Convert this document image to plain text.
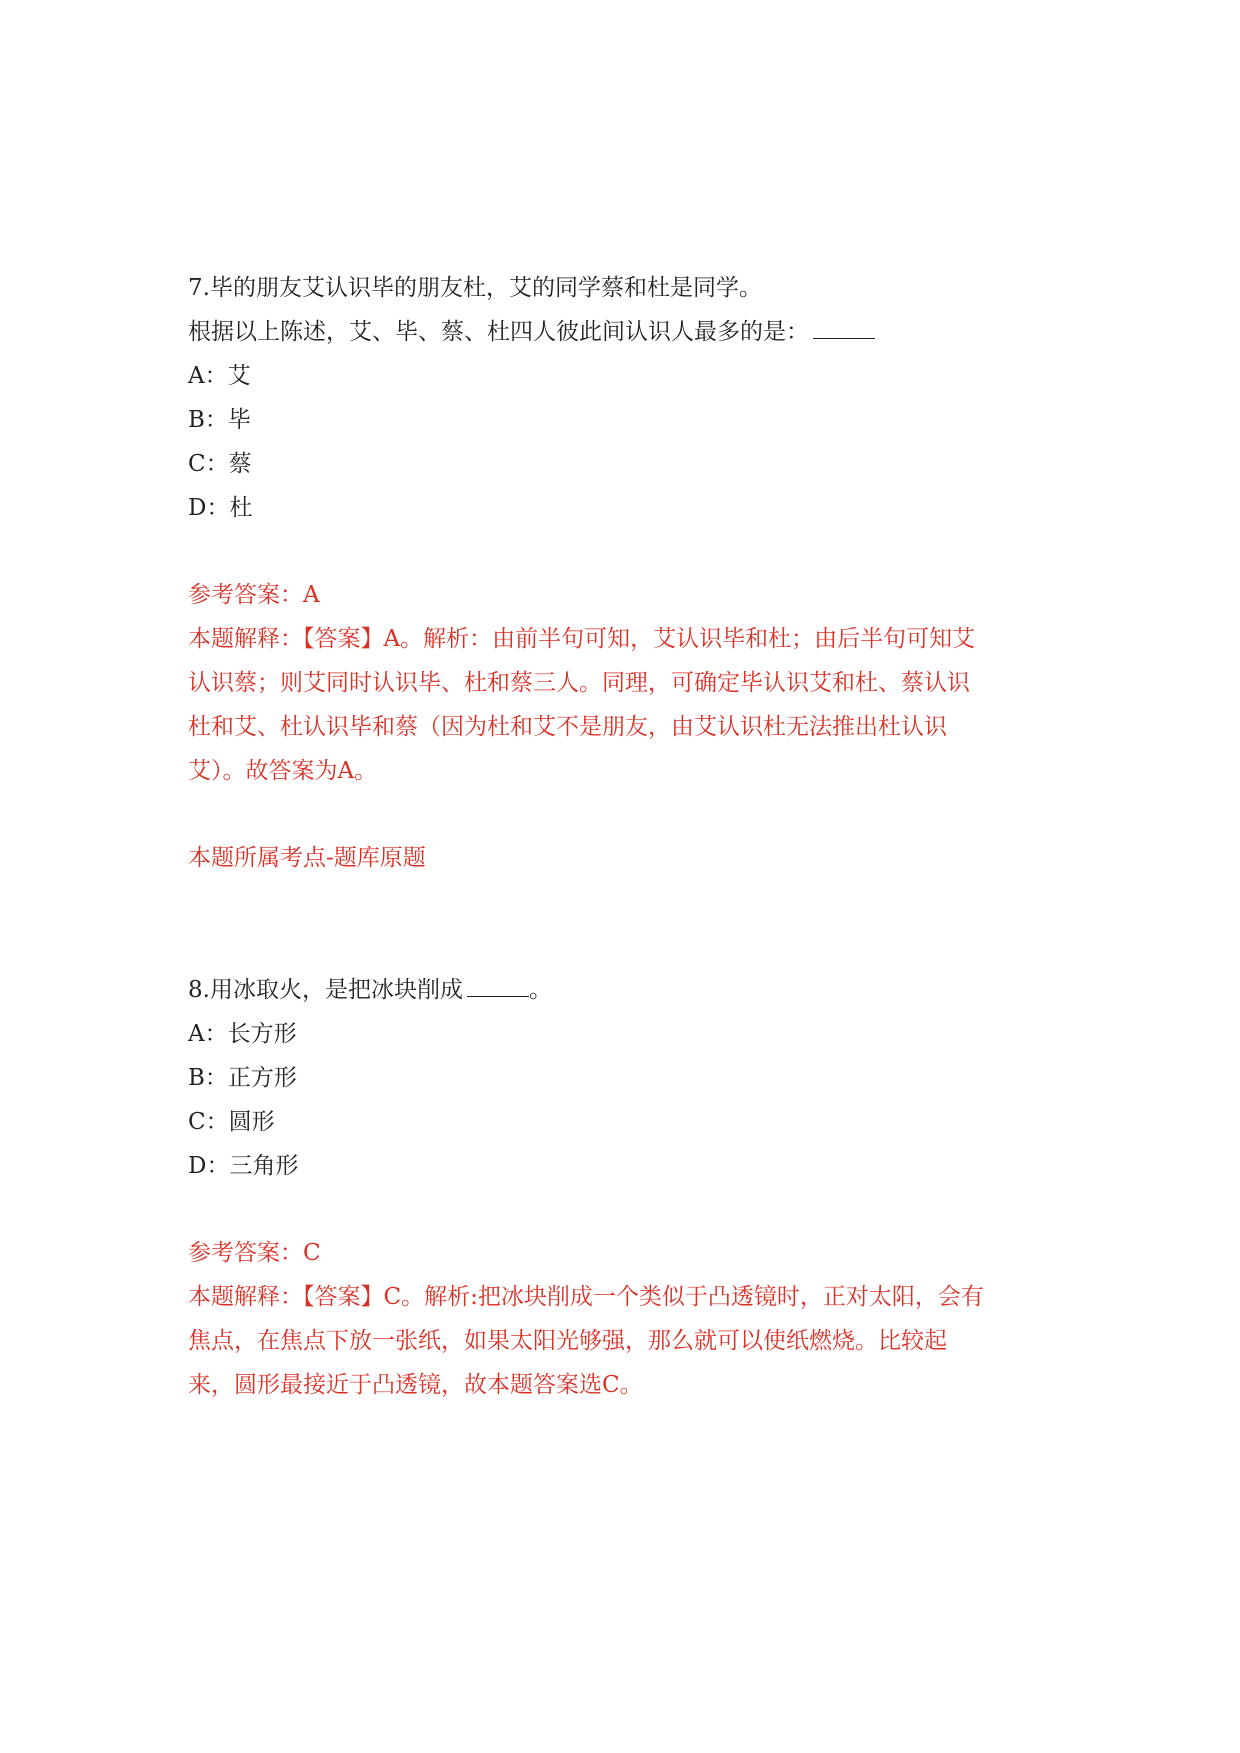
7.毕的朋友艾认识毕的朋友杜，艾的同学蔡和杜是同学。
根据以上陈述，艾、毕、蔡、杜四人彼此间认识人最多的是：
A：艾
B：毕
C：蔡
D：杜
参考答案：A
本题解释：【答案】A。解析：由前半句可知，艾认识毕和杜；由后半句可知艾
认识蔡；则艾同时认识毕、杜和蔡三人。同理，可确定毕认识艾和杜、蔡认识
杜和艾、杜认识毕和蔡（因为杜和艾不是朋友，由艾认识杜无法推出杜认识
艾）。故答案为A。
本题所属考点-题库原题
8.用冰取火，是把冰块削成	。
A：长方形
B：正方形
C：圆形
D：三角形
参考答案：C
本题解释：【答案】C。解析:把冰块削成一个类似于凸透镜时，正对太阳，会有
焦点，在焦点下放一张纸，如果太阳光够强，那么就可以使纸燃烧。比较起
来，圆形最接近于凸透镜，故本题答案选C。
